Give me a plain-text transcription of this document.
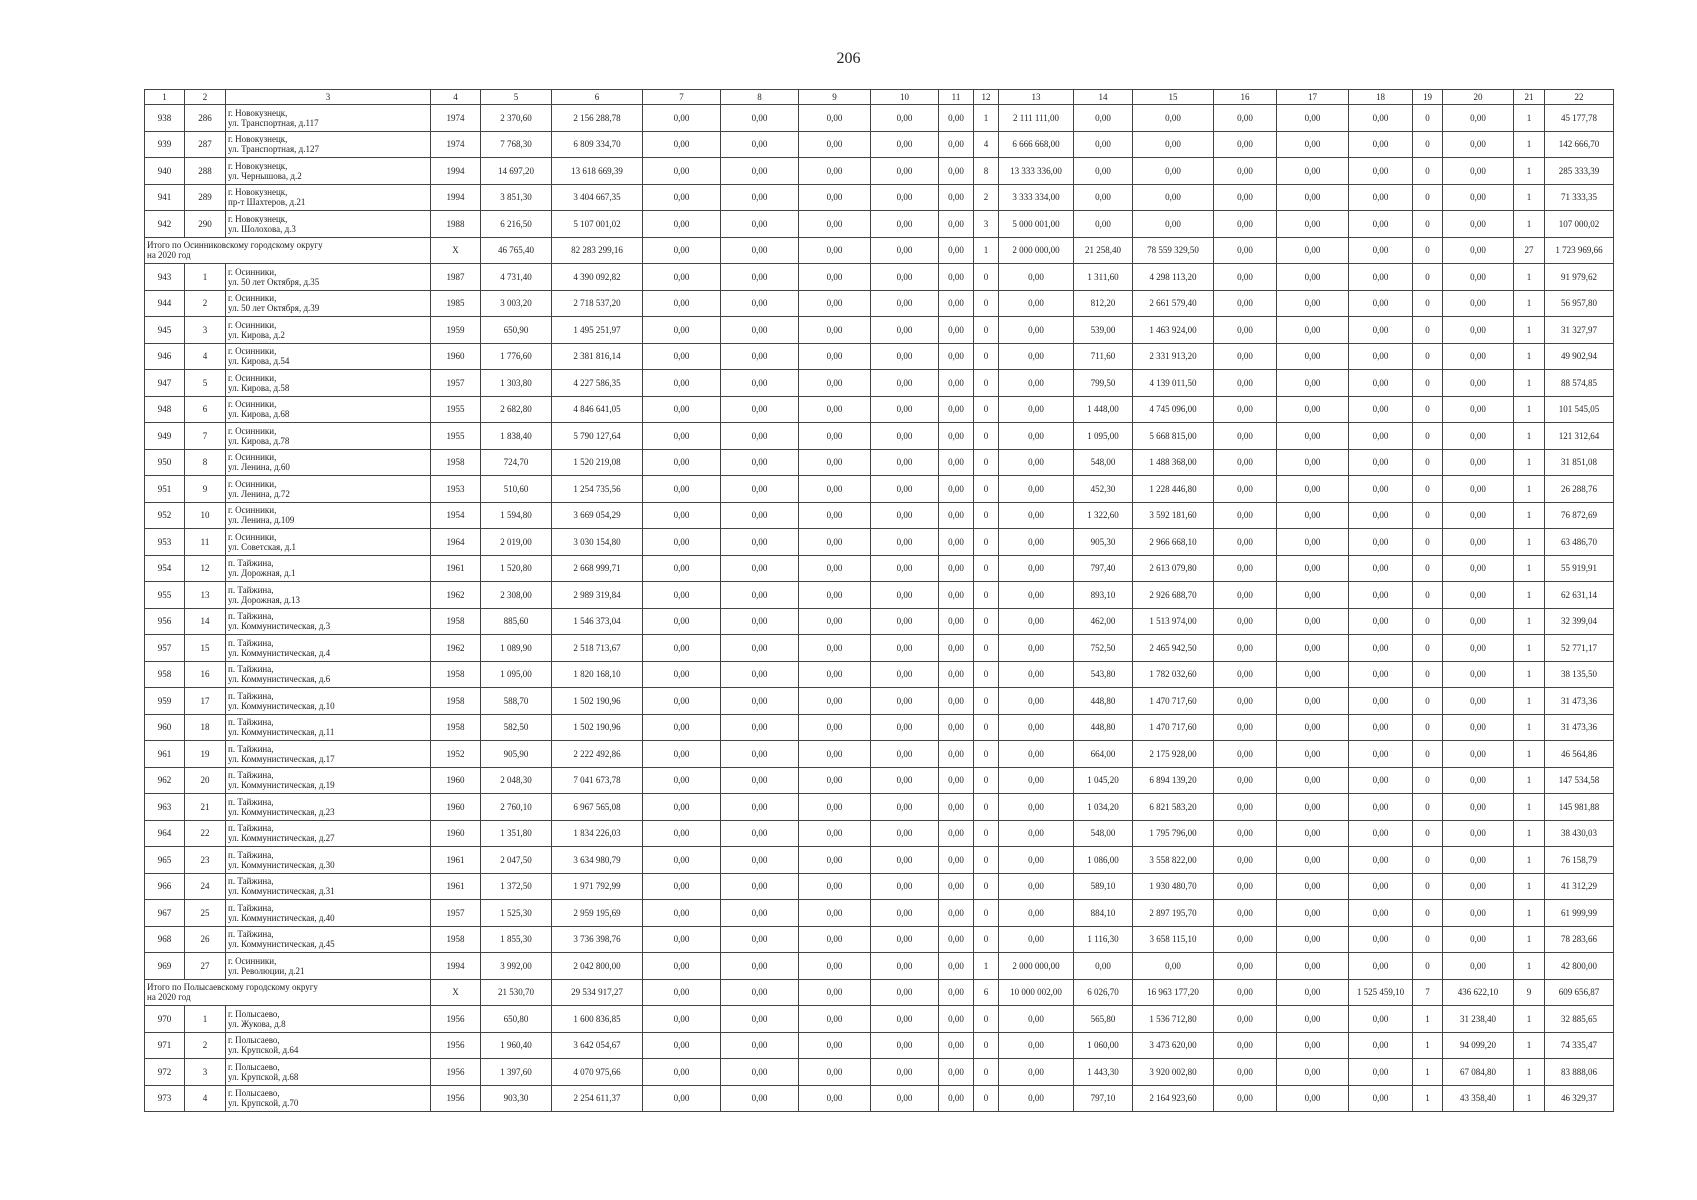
206
1	2	3	4	5	6	7	8	9	10	11	12	13	14	15	16	17	18	19	20	21	22
938	286	г. Новокузнецк,
ул. Транспортная, д.117	1974	2 370,60	2 156 288,78	0,00	0,00	0,00	0,00	0,00	1	2 111 111,00	0,00	0,00	0,00	0,00	0,00	0	0,00	1	45 177,78
939	287	г. Новокузнецк,
ул. Транспортная, д.127	1974	7 768,30	6 809 334,70	0,00	0,00	0,00	0,00	0,00	4	6 666 668,00	0,00	0,00	0,00	0,00	0,00	0	0,00	1	142 666,70
940	288	г. Новокузнецк,
ул. Чернышова, д.2	1994	14 697,20	13 618 669,39	0,00	0,00	0,00	0,00	0,00	8	13 333 336,00	0,00	0,00	0,00	0,00	0,00	0	0,00	1	285 333,39
941	289	г. Новокузнецк,
пр-т Шахтеров, д.21	1994	3 851,30	3 404 667,35	0,00	0,00	0,00	0,00	0,00	2	3 333 334,00	0,00	0,00	0,00	0,00	0,00	0	0,00	1	71 333,35
942	290	г. Новокузнецк,
ул. Шолохова, д.3	1988	6 216,50	5 107 001,02	0,00	0,00	0,00	0,00	0,00	3	5 000 001,00	0,00	0,00	0,00	0,00	0,00	0	0,00	1	107 000,02
Итого по Осинниковскому городскому округу
на 2020 год			X	46 765,40	82 283 299,16	0,00	0,00	0,00	0,00	0,00	1	2 000 000,00	21 258,40	78 559 329,50	0,00	0,00	0,00	0	0,00	27	1 723 969,66
943	1	г. Осинники,
ул. 50 лет Октября, д.35	1987	4 731,40	4 390 092,82	0,00	0,00	0,00	0,00	0,00	0	0,00	1 311,60	4 298 113,20	0,00	0,00	0,00	0	0,00	1	91 979,62
944	2	г. Осинники,
ул. 50 лет Октября, д.39	1985	3 003,20	2 718 537,20	0,00	0,00	0,00	0,00	0,00	0	0,00	812,20	2 661 579,40	0,00	0,00	0,00	0	0,00	1	56 957,80
945	3	г. Осинники,
ул. Кирова, д.2	1959	650,90	1 495 251,97	0,00	0,00	0,00	0,00	0,00	0	0,00	539,00	1 463 924,00	0,00	0,00	0,00	0	0,00	1	31 327,97
946	4	г. Осинники,
ул. Кирова, д.54	1960	1 776,60	2 381 816,14	0,00	0,00	0,00	0,00	0,00	0	0,00	711,60	2 331 913,20	0,00	0,00	0,00	0	0,00	1	49 902,94
947	5	г. Осинники,
ул. Кирова, д.58	1957	1 303,80	4 227 586,35	0,00	0,00	0,00	0,00	0,00	0	0,00	799,50	4 139 011,50	0,00	0,00	0,00	0	0,00	1	88 574,85
948	6	г. Осинники,
ул. Кирова, д.68	1955	2 682,80	4 846 641,05	0,00	0,00	0,00	0,00	0,00	0	0,00	1 448,00	4 745 096,00	0,00	0,00	0,00	0	0,00	1	101 545,05
949	7	г. Осинники,
ул. Кирова, д.78	1955	1 838,40	5 790 127,64	0,00	0,00	0,00	0,00	0,00	0	0,00	1 095,00	5 668 815,00	0,00	0,00	0,00	0	0,00	1	121 312,64
950	8	г. Осинники,
ул. Ленина, д.60	1958	724,70	1 520 219,08	0,00	0,00	0,00	0,00	0,00	0	0,00	548,00	1 488 368,00	0,00	0,00	0,00	0	0,00	1	31 851,08
951	9	г. Осинники,
ул. Ленина, д.72	1953	510,60	1 254 735,56	0,00	0,00	0,00	0,00	0,00	0	0,00	452,30	1 228 446,80	0,00	0,00	0,00	0	0,00	1	26 288,76
952	10	г. Осинники,
ул. Ленина, д.109	1954	1 594,80	3 669 054,29	0,00	0,00	0,00	0,00	0,00	0	0,00	1 322,60	3 592 181,60	0,00	0,00	0,00	0	0,00	1	76 872,69
953	11	г. Осинники,
ул. Советская, д.1	1964	2 019,00	3 030 154,80	0,00	0,00	0,00	0,00	0,00	0	0,00	905,30	2 966 668,10	0,00	0,00	0,00	0	0,00	1	63 486,70
954	12	п. Тайжина,
ул. Дорожная, д.1	1961	1 520,80	2 668 999,71	0,00	0,00	0,00	0,00	0,00	0	0,00	797,40	2 613 079,80	0,00	0,00	0,00	0	0,00	1	55 919,91
955	13	п. Тайжина,
ул. Дорожная, д.13	1962	2 308,00	2 989 319,84	0,00	0,00	0,00	0,00	0,00	0	0,00	893,10	2 926 688,70	0,00	0,00	0,00	0	0,00	1	62 631,14
956	14	п. Тайжина,
ул. Коммунистическая, д.3	1958	885,60	1 546 373,04	0,00	0,00	0,00	0,00	0,00	0	0,00	462,00	1 513 974,00	0,00	0,00	0,00	0	0,00	1	32 399,04
957	15	п. Тайжина,
ул. Коммунистическая, д.4	1962	1 089,90	2 518 713,67	0,00	0,00	0,00	0,00	0,00	0	0,00	752,50	2 465 942,50	0,00	0,00	0,00	0	0,00	1	52 771,17
958	16	п. Тайжина,
ул. Коммунистическая, д.6	1958	1 095,00	1 820 168,10	0,00	0,00	0,00	0,00	0,00	0	0,00	543,80	1 782 032,60	0,00	0,00	0,00	0	0,00	1	38 135,50
959	17	п. Тайжина,
ул. Коммунистическая, д.10	1958	588,70	1 502 190,96	0,00	0,00	0,00	0,00	0,00	0	0,00	448,80	1 470 717,60	0,00	0,00	0,00	0	0,00	1	31 473,36
960	18	п. Тайжина,
ул. Коммунистическая, д.11	1958	582,50	1 502 190,96	0,00	0,00	0,00	0,00	0,00	0	0,00	448,80	1 470 717,60	0,00	0,00	0,00	0	0,00	1	31 473,36
961	19	п. Тайжина,
ул. Коммунистическая, д.17	1952	905,90	2 222 492,86	0,00	0,00	0,00	0,00	0,00	0	0,00	664,00	2 175 928,00	0,00	0,00	0,00	0	0,00	1	46 564,86
962	20	п. Тайжина,
ул. Коммунистическая, д.19	1960	2 048,30	7 041 673,78	0,00	0,00	0,00	0,00	0,00	0	0,00	1 045,20	6 894 139,20	0,00	0,00	0,00	0	0,00	1	147 534,58
963	21	п. Тайжина,
ул. Коммунистическая, д.23	1960	2 760,10	6 967 565,08	0,00	0,00	0,00	0,00	0,00	0	0,00	1 034,20	6 821 583,20	0,00	0,00	0,00	0	0,00	1	145 981,88
964	22	п. Тайжина,
ул. Коммунистическая, д.27	1960	1 351,80	1 834 226,03	0,00	0,00	0,00	0,00	0,00	0	0,00	548,00	1 795 796,00	0,00	0,00	0,00	0	0,00	1	38 430,03
965	23	п. Тайжина,
ул. Коммунистическая, д.30	1961	2 047,50	3 634 980,79	0,00	0,00	0,00	0,00	0,00	0	0,00	1 086,00	3 558 822,00	0,00	0,00	0,00	0	0,00	1	76 158,79
966	24	п. Тайжина,
ул. Коммунистическая, д.31	1961	1 372,50	1 971 792,99	0,00	0,00	0,00	0,00	0,00	0	0,00	589,10	1 930 480,70	0,00	0,00	0,00	0	0,00	1	41 312,29
967	25	п. Тайжина,
ул. Коммунистическая, д.40	1957	1 525,30	2 959 195,69	0,00	0,00	0,00	0,00	0,00	0	0,00	884,10	2 897 195,70	0,00	0,00	0,00	0	0,00	1	61 999,99
968	26	п. Тайжина,
ул. Коммунистическая, д.45	1958	1 855,30	3 736 398,76	0,00	0,00	0,00	0,00	0,00	0	0,00	1 116,30	3 658 115,10	0,00	0,00	0,00	0	0,00	1	78 283,66
969	27	г. Осинники,
ул. Революции, д.21	1994	3 992,00	2 042 800,00	0,00	0,00	0,00	0,00	0,00	1	2 000 000,00	0,00	0,00	0,00	0,00	0,00	0	0,00	1	42 800,00
Итого по Полысаевскому городскому округу
на 2020 год			X	21 530,70	29 534 917,27	0,00	0,00	0,00	0,00	0,00	6	10 000 002,00	6 026,70	16 963 177,20	0,00	0,00	1 525 459,10	7	436 622,10	9	609 656,87
970	1	г. Полысаево,
ул. Жукова, д.8	1956	650,80	1 600 836,85	0,00	0,00	0,00	0,00	0,00	0	0,00	565,80	1 536 712,80	0,00	0,00	0,00	1	31 238,40	1	32 885,65
971	2	г. Полысаево,
ул. Крупской, д.64	1956	1 960,40	3 642 054,67	0,00	0,00	0,00	0,00	0,00	0	0,00	1 060,00	3 473 620,00	0,00	0,00	0,00	1	94 099,20	1	74 335,47
972	3	г. Полысаево,
ул. Крупской, д.68	1956	1 397,60	4 070 975,66	0,00	0,00	0,00	0,00	0,00	0	0,00	1 443,30	3 920 002,80	0,00	0,00	0,00	1	67 084,80	1	83 888,06
973	4	г. Полысаево,
ул. Крупской, д.70	1956	903,30	2 254 611,37	0,00	0,00	0,00	0,00	0,00	0	0,00	797,10	2 164 923,60	0,00	0,00	0,00	1	43 358,40	1	46 329,37
